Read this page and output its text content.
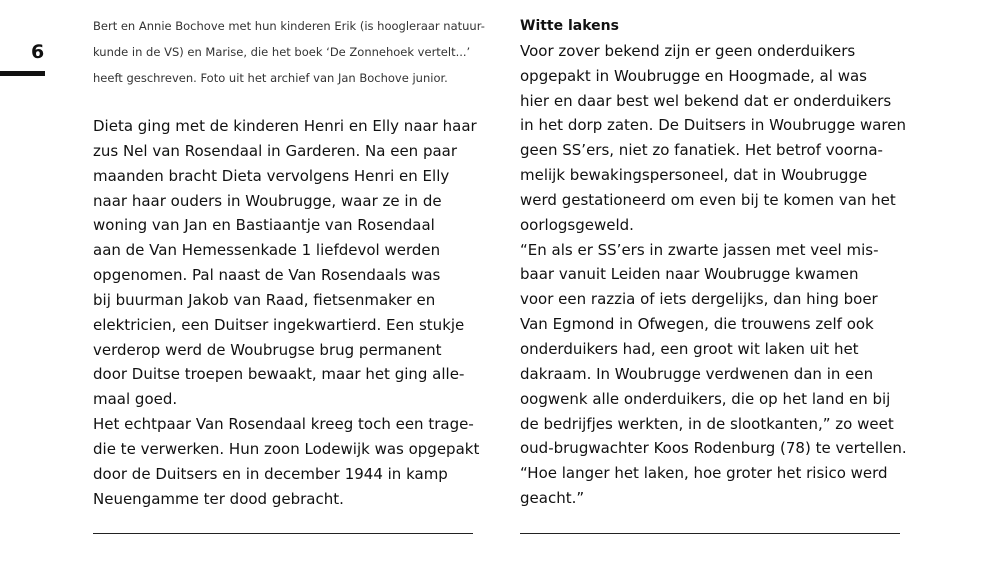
6
Bert en Annie Bochove met hun kinderen Erik (is hoogleraar natuur-
kunde in de VS) en Marise, die het boek ‘De Zonnehoek vertelt...’
heeft geschreven. Foto uit het archief van Jan Bochove junior.
Dieta ging met de kinderen Henri en Elly naar haar
zus Nel van Rosendaal in Garderen. Na een paar
maanden bracht Dieta vervolgens Henri en Elly
naar haar ouders in Woubrugge, waar ze in de
woning van Jan en Bastiaantje van Rosendaal
aan de Van Hemessenkade 1 liefdevol werden
opgenomen. Pal naast de Van Rosendaals was
bij buurman Jakob van Raad, fietsenmaker en
elektricien, een Duitser ingekwartierd. Een stukje
verderop werd de Woubrugse brug permanent
door Duitse troepen bewaakt, maar het ging alle-
maal goed.
Het echtpaar Van Rosendaal kreeg toch een trage-
die te verwerken. Hun zoon Lodewijk was opgepakt
door de Duitsers en in december 1944 in kamp
Neuengamme ter dood gebracht.
Witte lakens
Voor zover bekend zijn er geen onderduikers
opgepakt in Woubrugge en Hoogmade, al was
hier en daar best wel bekend dat er onderduikers
in het dorp zaten. De Duitsers in Woubrugge waren
geen SS’ers, niet zo fanatiek. Het betrof voorna-
melijk bewakingspersoneel, dat in Woubrugge
werd gestationeerd om even bij te komen van het
oorlogsgeweld.
“En als er SS’ers in zwarte jassen met veel mis-
baar vanuit Leiden naar Woubrugge kwamen
voor een razzia of iets dergelijks, dan hing boer
Van Egmond in Ofwegen, die trouwens zelf ook
onderduikers had, een groot wit laken uit het
dakraam. In Woubrugge verdwenen dan in een
oogwenk alle onderduikers, die op het land en bij
de bedrijfjes werkten, in de slootkanten,” zo weet
oud-brugwachter Koos Rodenburg (78) te vertellen.
“Hoe langer het laken, hoe groter het risico werd
geacht.”
